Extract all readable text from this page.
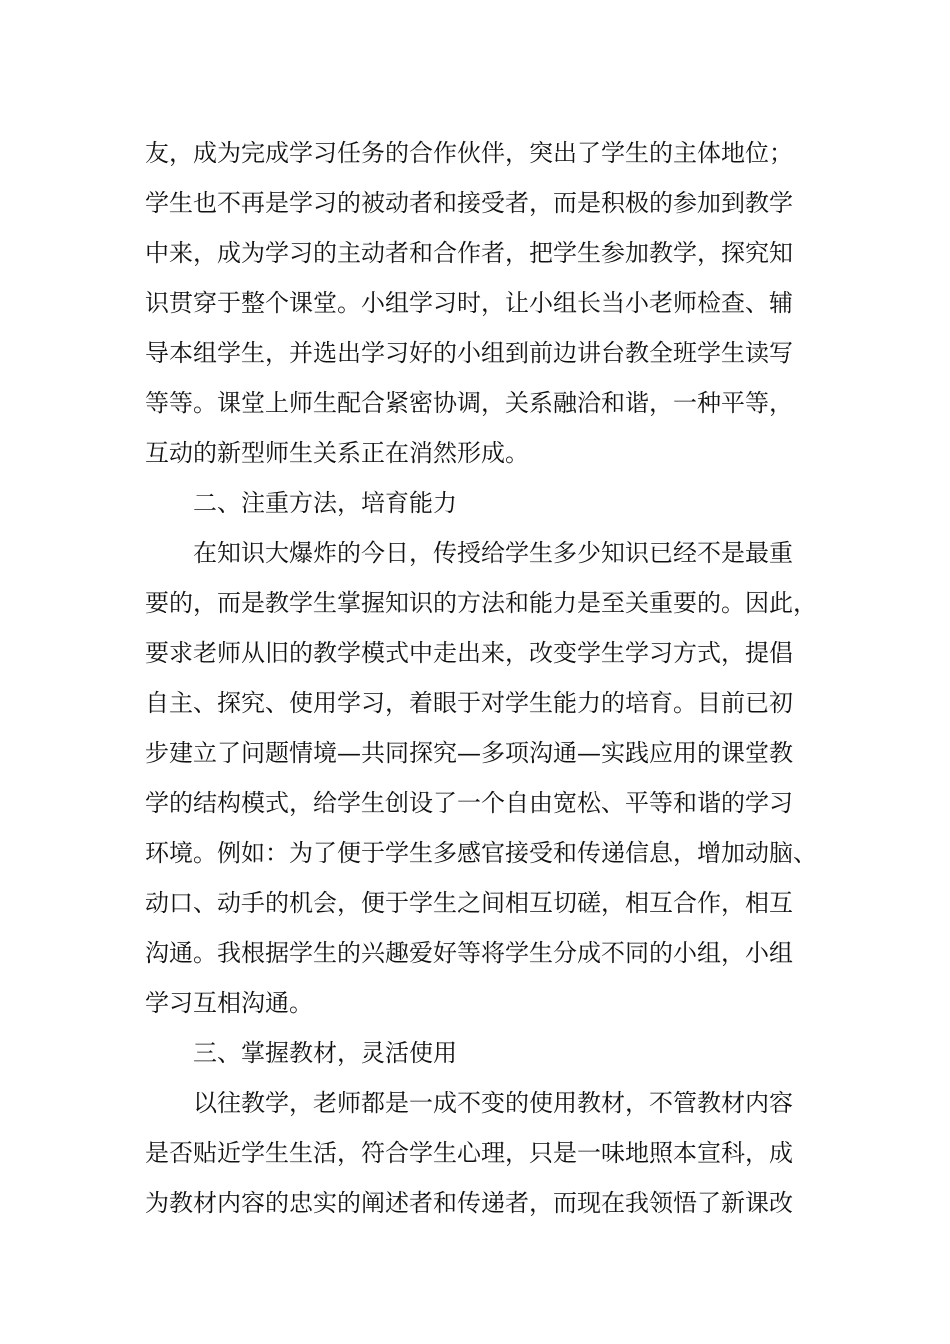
友，成为完成学习任务的合作伙伴，突出了学生的主体地位；
学生也不再是学习的被动者和接受者，而是积极的参加到教学
中来，成为学习的主动者和合作者，把学生参加教学，探究知
识贯穿于整个课堂。小组学习时，让小组长当小老师检查、辅
导本组学生，并选出学习好的小组到前边讲台教全班学生读写
等等。课堂上师生配合紧密协调，关系融洽和谐，一种平等，
互动的新型师生关系正在消然形成。
二、注重方法，培育能力
在知识大爆炸的今日，传授给学生多少知识已经不是最重
要的，而是教学生掌握知识的方法和能力是至关重要的。因此，
要求老师从旧的教学模式中走出来，改变学生学习方式，提倡
自主、探究、使用学习，着眼于对学生能力的培育。目前已初
步建立了问题情境—共同探究—多项沟通—实践应用的课堂教
学的结构模式，给学生创设了一个自由宽松、平等和谐的学习
环境。例如：为了便于学生多感官接受和传递信息，增加动脑、
动口、动手的机会，便于学生之间相互切磋，相互合作，相互
沟通。我根据学生的兴趣爱好等将学生分成不同的小组，小组
学习互相沟通。
三、掌握教材，灵活使用
以往教学，老师都是一成不变的使用教材，不管教材内容
是否贴近学生生活，符合学生心理，只是一味地照本宣科，成
为教材内容的忠实的阐述者和传递者，而现在我领悟了新课改
